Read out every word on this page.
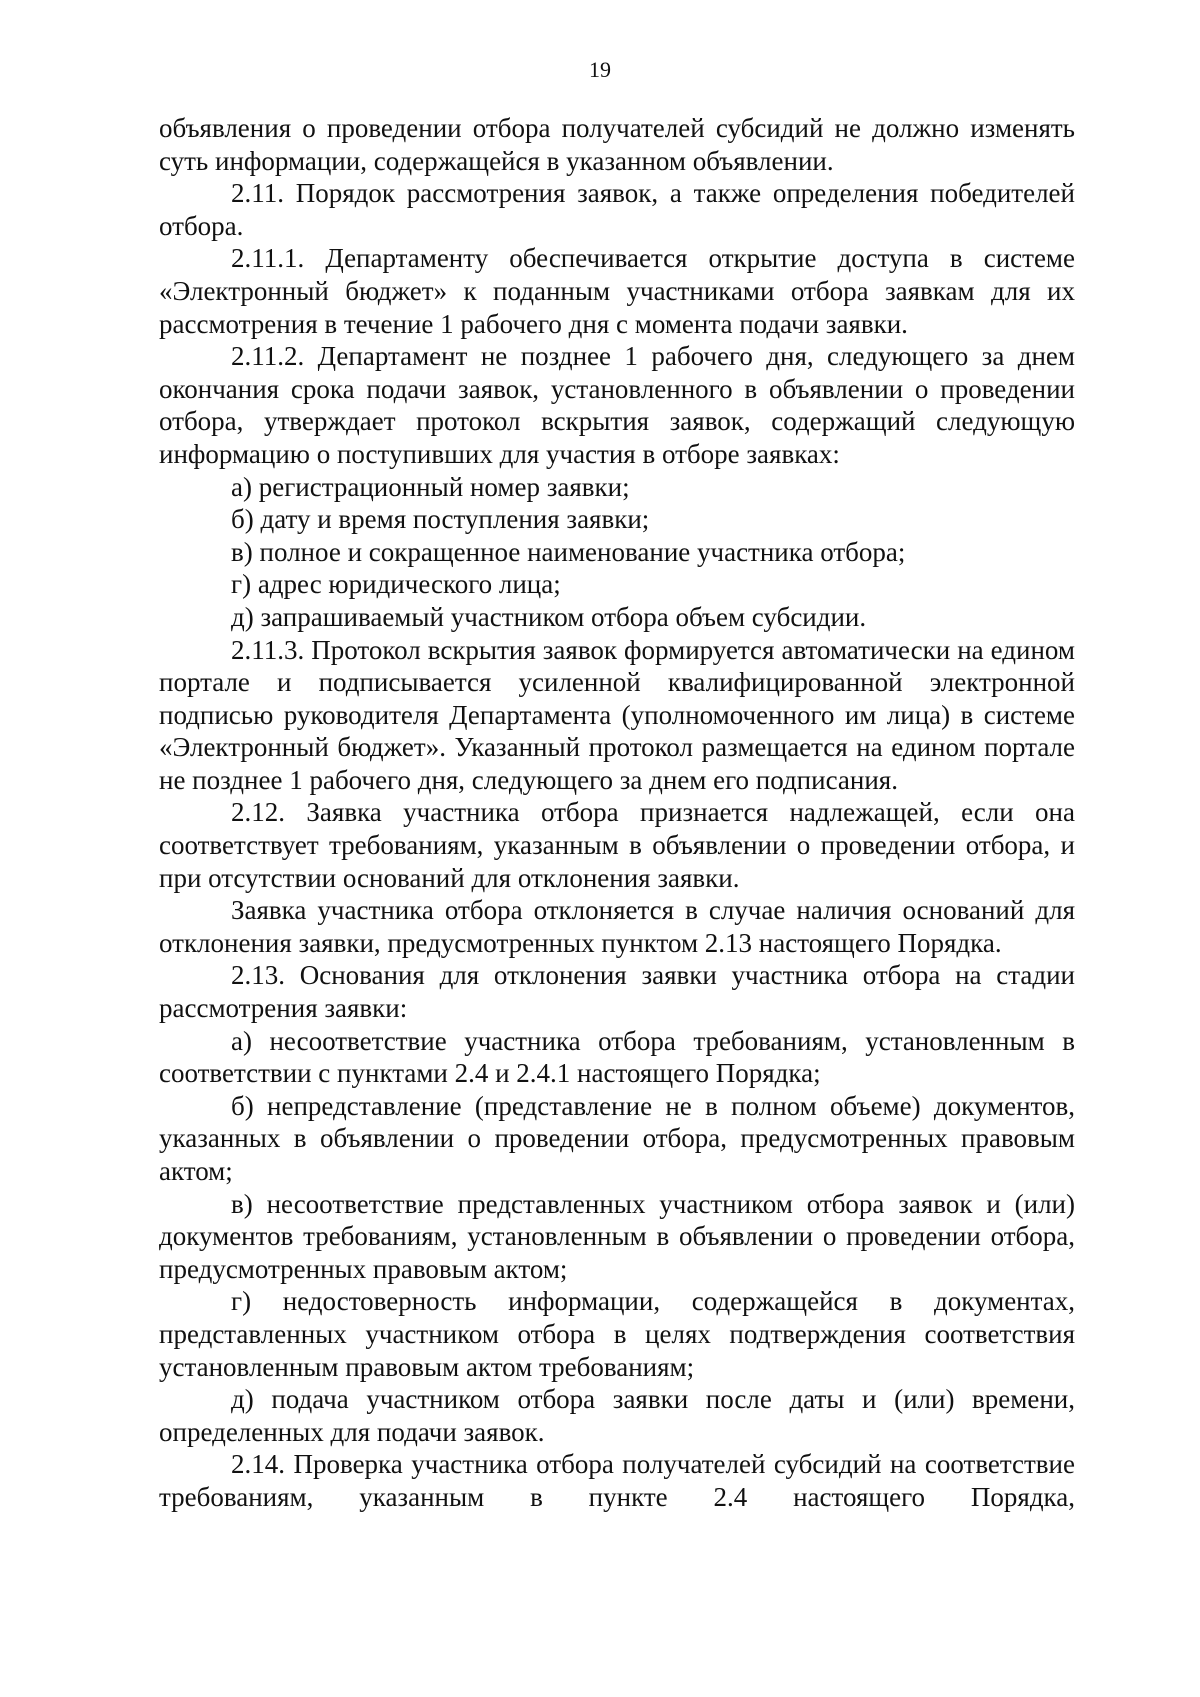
19

объявления о проведении отбора получателей субсидий не должно изменять суть информации, содержащейся в указанном объявлении.

2.11. Порядок рассмотрения заявок, а также определения победителей отбора.

2.11.1. Департаменту обеспечивается открытие доступа в системе «Электронный бюджет» к поданным участниками отбора заявкам для их рассмотрения в течение 1 рабочего дня с момента подачи заявки.

2.11.2. Департамент не позднее 1 рабочего дня, следующего за днем окончания срока подачи заявок, установленного в объявлении о проведении отбора, утверждает протокол вскрытия заявок, содержащий следующую информацию о поступивших для участия в отборе заявках:

а) регистрационный номер заявки;

б) дату и время поступления заявки;

в) полное и сокращенное наименование участника отбора;

г) адрес юридического лица;

д) запрашиваемый участником отбора объем субсидии.

2.11.3. Протокол вскрытия заявок формируется автоматически на едином портале и подписывается усиленной квалифицированной электронной подписью руководителя Департамента (уполномоченного им лица) в системе «Электронный бюджет». Указанный протокол размещается на едином портале не позднее 1 рабочего дня, следующего за днем его подписания.

2.12. Заявка участника отбора признается надлежащей, если она соответствует требованиям, указанным в объявлении о проведении отбора, и при отсутствии оснований для отклонения заявки.

Заявка участника отбора отклоняется в случае наличия оснований для отклонения заявки, предусмотренных пунктом 2.13 настоящего Порядка.

2.13. Основания для отклонения заявки участника отбора на стадии рассмотрения заявки:

а) несоответствие участника отбора требованиям, установленным в соответствии с пунктами 2.4 и 2.4.1 настоящего Порядка;

б) непредставление (представление не в полном объеме) документов, указанных в объявлении о проведении отбора, предусмотренных правовым актом;

в) несоответствие представленных участником отбора заявок и (или) документов требованиям, установленным в объявлении о проведении отбора, предусмотренных правовым актом;

г) недостоверность информации, содержащейся в документах, представленных участником отбора в целях подтверждения соответствия установленным правовым актом требованиям;

д) подача участником отбора заявки после даты и (или) времени, определенных для подачи заявок.

2.14. Проверка участника отбора получателей субсидий на соответствие требованиям, указанным в пункте 2.4 настоящего Порядка,
